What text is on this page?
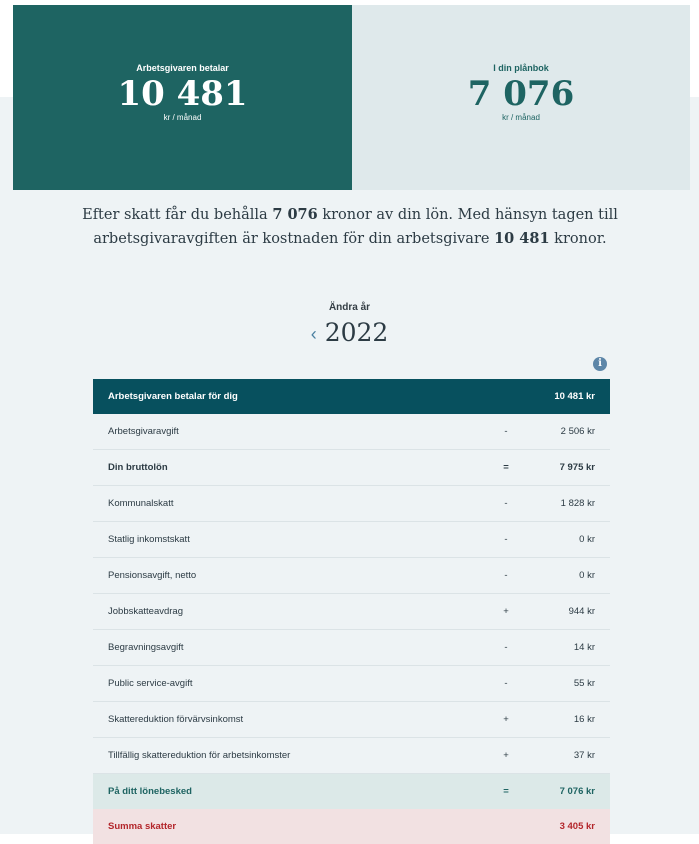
Arbetsgivaren betalar
10 481
kr / månad
I din plånbok
7 076
kr / månad
Efter skatt får du behålla 7 076 kronor av din lön. Med hänsyn tagen till arbetsgivaravgiften är kostnaden för din arbetsgivare 10 481 kronor.
Ändra år
‹ 2022
i
Arbetsgivaren betalar för dig	10 481 kr
Arbetsgivaravgift	-	2 506 kr
Din bruttolön	=	7 975 kr
Kommunalskatt	-	1 828 kr
Statlig inkomstskatt	-	0 kr
Pensionsavgift, netto	-	0 kr
Jobbskatteavdrag	+	944 kr
Begravningsavgift	-	14 kr
Public service-avgift	-	55 kr
Skattereduktion förvärvsinkomst	+	16 kr
Tillfällig skattereduktion för arbetsinkomster	+	37 kr
På ditt lönebesked	=	7 076 kr
Summa skatter	3 405 kr
